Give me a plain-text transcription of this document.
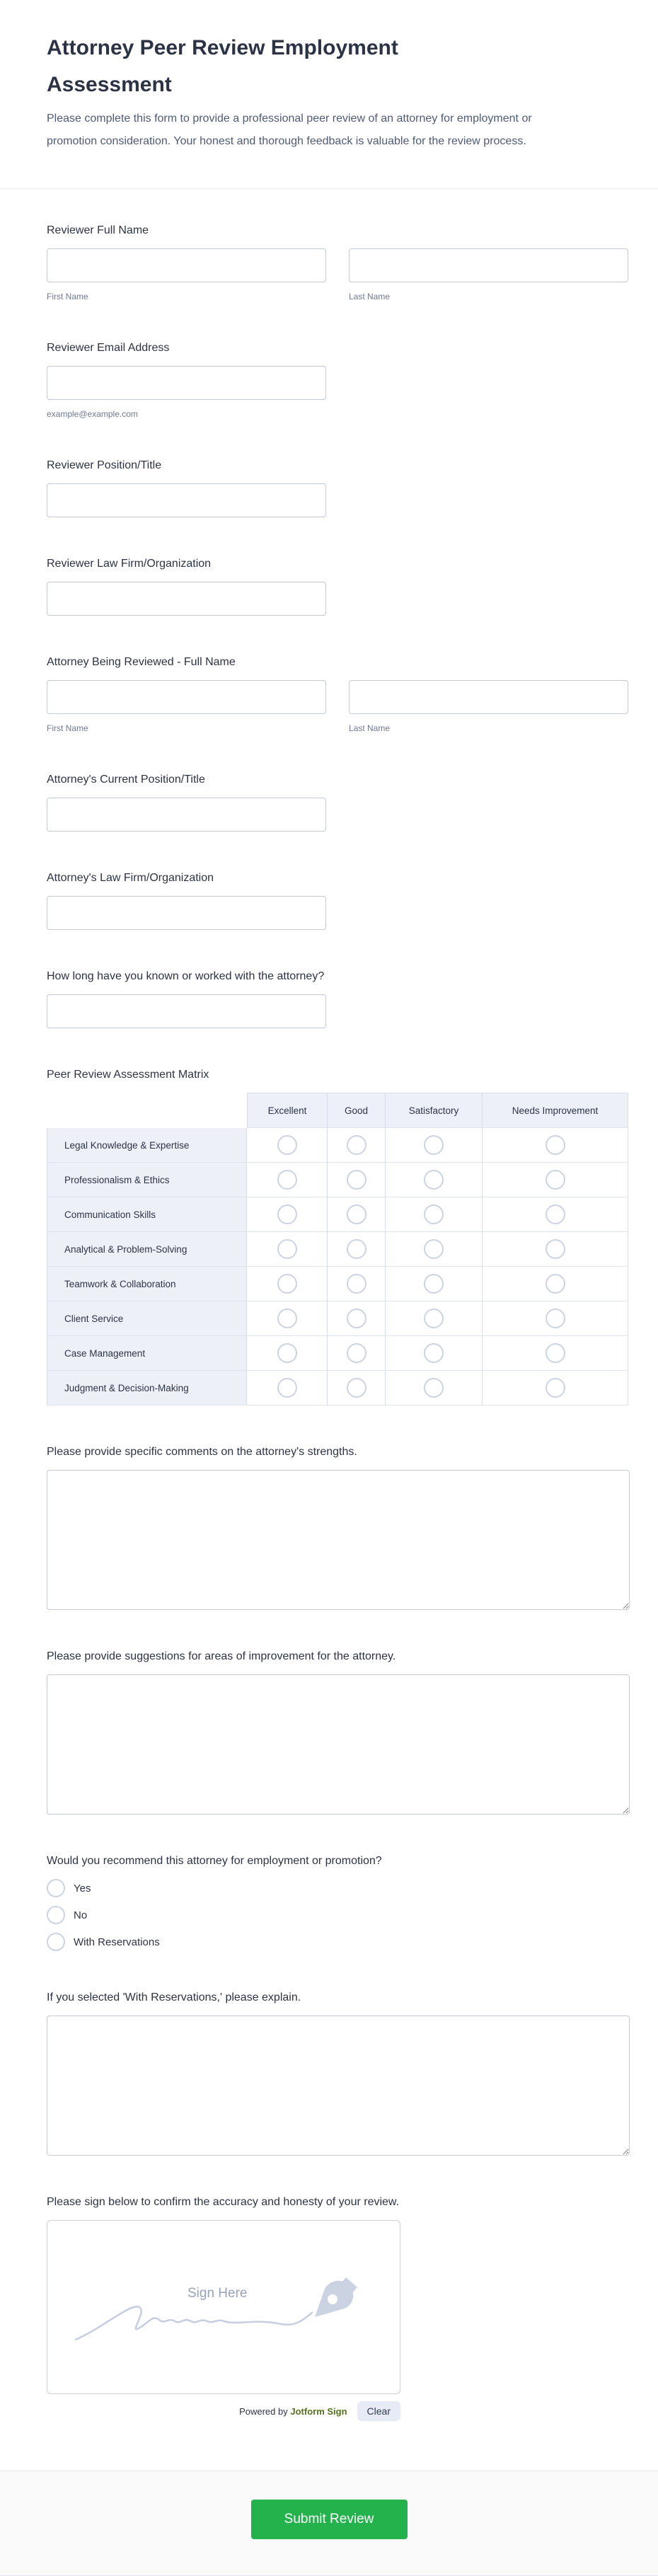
Attorney Peer Review Employment Assessment

Please complete this form to provide a professional peer review of an attorney for employment or promotion consideration. Your honest and thorough feedback is valuable for the review process.

Reviewer Full Name
First Name	Last Name
Reviewer Email Address
example@example.com
Reviewer Position/Title
Reviewer Law Firm/Organization
Attorney Being Reviewed - Full Name
First Name	Last Name
Attorney's Current Position/Title
Attorney's Law Firm/Organization
How long have you known or worked with the attorney?
Peer Review Assessment Matrix
Excellent	Good	Satisfactory	Needs Improvement
Legal Knowledge & Expertise
Professionalism & Ethics
Communication Skills
Analytical & Problem-Solving
Teamwork & Collaboration
Client Service
Case Management
Judgment & Decision-Making
Please provide specific comments on the attorney's strengths.
Please provide suggestions for areas of improvement for the attorney.
Would you recommend this attorney for employment or promotion?
Yes
No
With Reservations
If you selected 'With Reservations,' please explain.
Please sign below to confirm the accuracy and honesty of your review.
Sign Here
Powered by Jotform Sign	Clear
Submit Review
